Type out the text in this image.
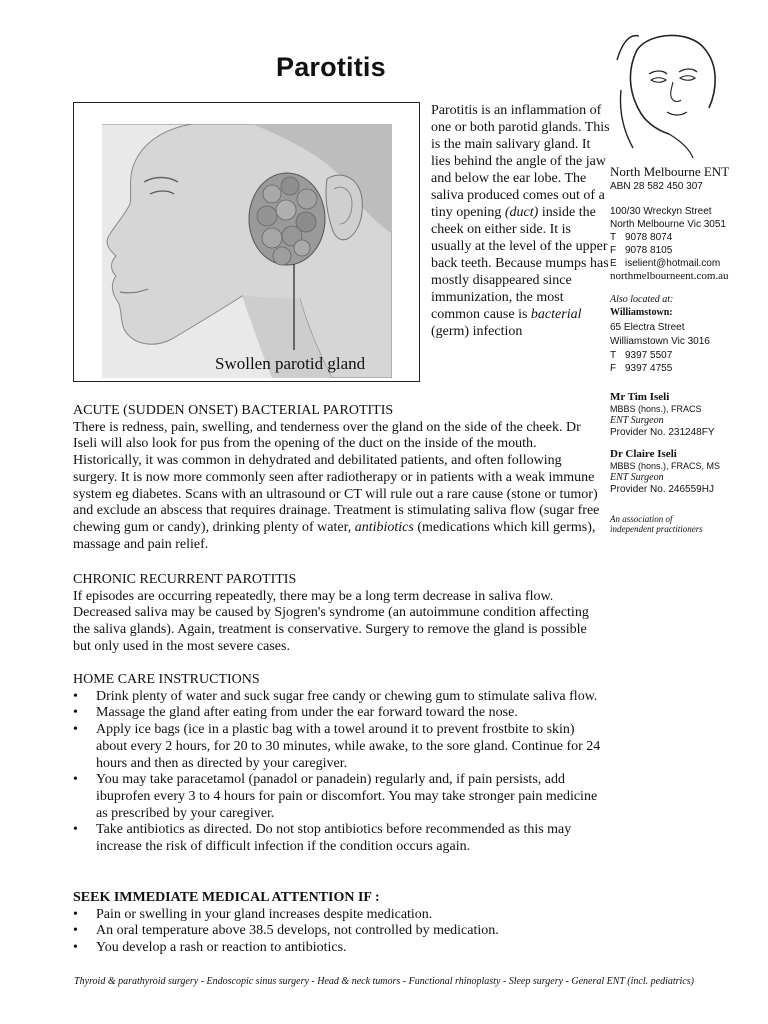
Parotitis
Swollen parotid gland
Parotitis is an inflammation of one or both parotid glands. This is the main salivary gland. It lies behind the angle of the jaw and below the ear lobe. The saliva produced comes out of a tiny opening (duct) inside the cheek on either side. It is usually at the level of the upper back teeth. Because mumps has mostly disappeared since immunization, the most common cause is bacterial (germ) infection
North Melbourne ENT
ABN 28 582 450 307
100/30 Wreckyn Street
North Melbourne Vic 3051
T 9078 8074
F 9078 8105
E iselient@hotmail.com
northmelbourneent.com.au
Also located at:
Williamstown:
65 Electra Street
Williamstown Vic 3016
T 9397 5507
F 9397 4755
Mr Tim Iseli
MBBS (hons.), FRACS
ENT Surgeon
Provider No. 231248FY
Dr Claire Iseli
MBBS (hons.), FRACS, MS
ENT Surgeon
Provider No. 246559HJ
An association of
independent practitioners
ACUTE (SUDDEN ONSET) BACTERIAL PAROTITIS

There is redness, pain, swelling, and tenderness over the gland on the side of the cheek. Dr Iseli will also look for pus from the opening of the duct on the inside of the mouth. Historically, it was common in dehydrated and debilitated patients, and often following surgery. It is now more commonly seen after radiotherapy or in patients with a weak immune system eg diabetes. Scans with an ultrasound or CT will rule out a rare cause (stone or tumor) and exclude an abscess that requires drainage. Treatment is stimulating saliva flow (sugar free chewing gum or candy), drinking plenty of water, antibiotics (medications which kill germs), massage and pain relief.

CHRONIC RECURRENT PAROTITIS

If episodes are occurring repeatedly, there may be a long term decrease in saliva flow. Decreased saliva may be caused by Sjogren's syndrome (an autoimmune condition affecting the saliva glands). Again, treatment is conservative. Surgery to remove the gland is possible but only used in the most severe cases.

HOME CARE INSTRUCTIONS
• Drink plenty of water and suck sugar free candy or chewing gum to stimulate saliva flow.
• Massage the gland after eating from under the ear forward toward the nose.
• Apply ice bags (ice in a plastic bag with a towel around it to prevent frostbite to skin) about every 2 hours, for 20 to 30 minutes, while awake, to the sore gland. Continue for 24 hours and then as directed by your caregiver.
• You may take paracetamol (panadol or panadein) regularly and, if pain persists, add ibuprofen every 3 to 4 hours for pain or discomfort. You may take stronger pain medicine as prescribed by your caregiver.
• Take antibiotics as directed. Do not stop antibiotics before recommended as this may increase the risk of difficult infection if the condition occurs again.
SEEK IMMEDIATE MEDICAL ATTENTION IF :
• Pain or swelling in your gland increases despite medication.
• An oral temperature above 38.5 develops, not controlled by medication.
• You develop a rash or reaction to antibiotics.
Thyroid & parathyroid surgery - Endoscopic sinus surgery - Head & neck tumors - Functional rhinoplasty - Sleep surgery - General ENT (incl. pediatrics)
